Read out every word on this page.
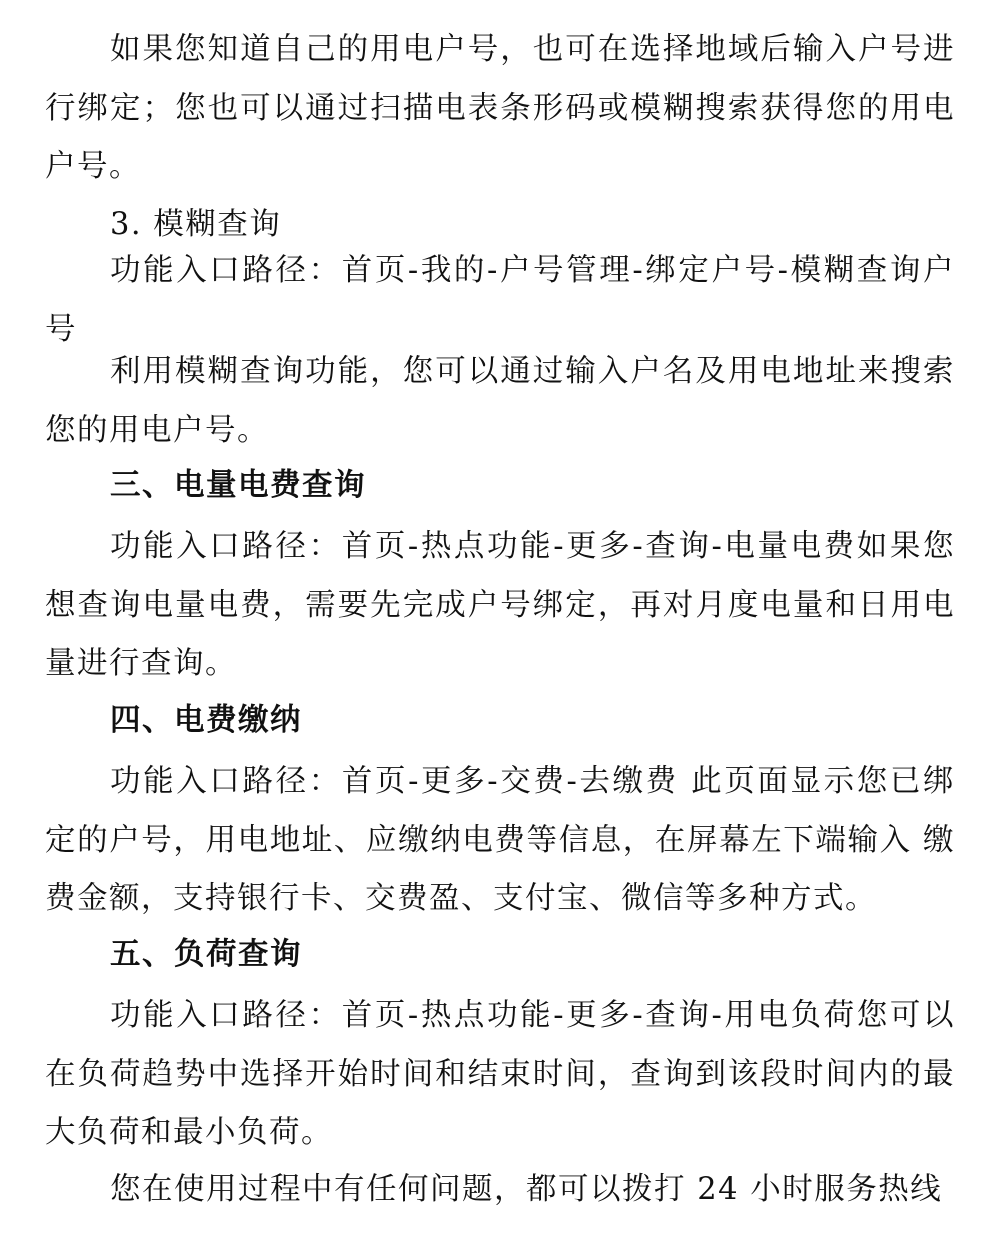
如果您知道自己的用电户号，也可在选择地域后输入户号进行绑定；您也可以通过扫描电表条形码或模糊搜索获得您的用电户号。

3. 模糊查询

功能入口路径：首页-我的-户号管理-绑定户号-模糊查询户号

利用模糊查询功能，您可以通过输入户名及用电地址来搜索您的用电户号。

三、电量电费查询

功能入口路径：首页-热点功能-更多-查询-电量电费如果您想查询电量电费，需要先完成户号绑定，再对月度电量和日用电量进行查询。

四、电费缴纳

功能入口路径：首页-更多-交费-去缴费 此页面显示您已绑定的户号，用电地址、应缴纳电费等信息，在屏幕左下端输入 缴费金额，支持银行卡、交费盈、支付宝、微信等多种方式。

五、负荷查询

功能入口路径：首页-热点功能-更多-查询-用电负荷您可以在负荷趋势中选择开始时间和结束时间，查询到该段时间内的最大负荷和最小负荷。

您在使用过程中有任何问题，都可以拨打 24 小时服务热线
